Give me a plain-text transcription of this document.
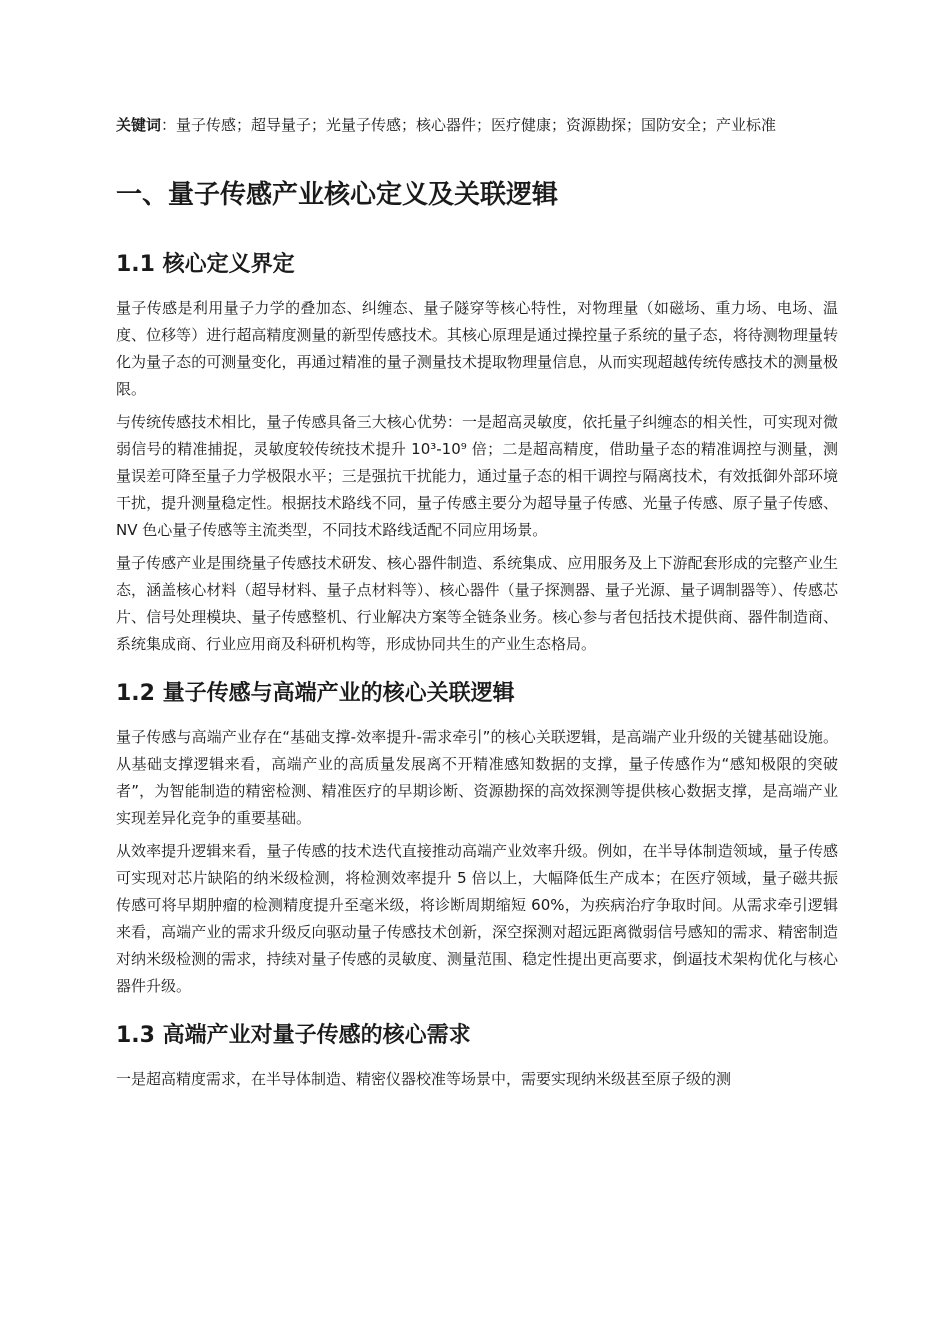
关键词：量子传感；超导量子；光量子传感；核心器件；医疗健康；资源勘探；国防安全；产业标准

一、量子传感产业核心定义及关联逻辑
1.1 核心定义界定

量子传感是利用量子力学的叠加态、纠缠态、量子隧穿等核心特性，对物理量（如磁场、重力场、电场、温度、位移等）进行超高精度测量的新型传感技术。其核心原理是通过操控量子系统的量子态，将待测物理量转化为量子态的可测量变化，再通过精准的量子测量技术提取物理量信息，从而实现超越传统传感技术的测量极限。

与传统传感技术相比，量子传感具备三大核心优势：一是超高灵敏度，依托量子纠缠态的相关性，可实现对微弱信号的精准捕捉，灵敏度较传统技术提升 10³-10⁹ 倍；二是超高精度，借助量子态的精准调控与测量，测量误差可降至量子力学极限水平；三是强抗干扰能力，通过量子态的相干调控与隔离技术，有效抵御外部环境干扰，提升测量稳定性。根据技术路线不同，量子传感主要分为超导量子传感、光量子传感、原子量子传感、NV 色心量子传感等主流类型，不同技术路线适配不同应用场景。

量子传感产业是围绕量子传感技术研发、核心器件制造、系统集成、应用服务及上下游配套形成的完整产业生态，涵盖核心材料（超导材料、量子点材料等）、核心器件（量子探测器、量子光源、量子调制器等）、传感芯片、信号处理模块、量子传感整机、行业解决方案等全链条业务。核心参与者包括技术提供商、器件制造商、系统集成商、行业应用商及科研机构等，形成协同共生的产业生态格局。

1.2 量子传感与高端产业的核心关联逻辑

量子传感与高端产业存在“基础支撑-效率提升-需求牵引”的核心关联逻辑，是高端产业升级的关键基础设施。从基础支撑逻辑来看，高端产业的高质量发展离不开精准感知数据的支撑，量子传感作为“感知极限的突破者”，为智能制造的精密检测、精准医疗的早期诊断、资源勘探的高效探测等提供核心数据支撑，是高端产业实现差异化竞争的重要基础。

从效率提升逻辑来看，量子传感的技术迭代直接推动高端产业效率升级。例如，在半导体制造领域，量子传感可实现对芯片缺陷的纳米级检测，将检测效率提升 5 倍以上，大幅降低生产成本；在医疗领域，量子磁共振传感可将早期肿瘤的检测精度提升至毫米级，将诊断周期缩短 60%，为疾病治疗争取时间。从需求牵引逻辑来看，高端产业的需求升级反向驱动量子传感技术创新，深空探测对超远距离微弱信号感知的需求、精密制造对纳米级检测的需求，持续对量子传感的灵敏度、测量范围、稳定性提出更高要求，倒逼技术架构优化与核心器件升级。

1.3 高端产业对量子传感的核心需求

一是超高精度需求，在半导体制造、精密仪器校准等场景中，需要实现纳米级甚至原子级的测
